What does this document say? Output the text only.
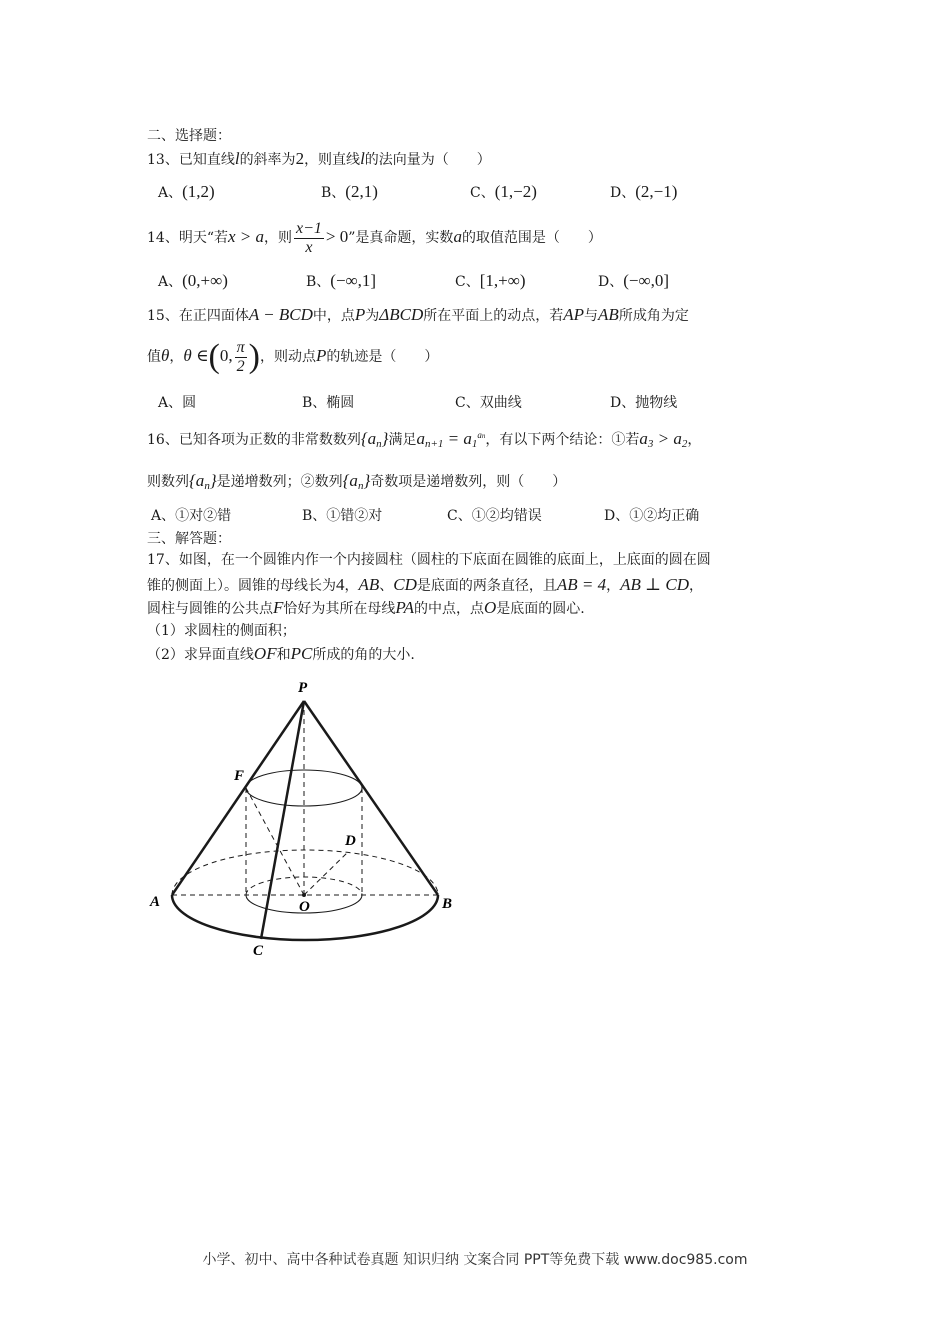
二、选择题：
13、已知直线l的斜率为2，则直线l的法向量为（　　）
A、(1,2)	B、(2,1)	C、(1,−2)	D、(2,−1)
14、明天“若x > a，则 $\frac{x-1}{x} > 0$”是真命题，实数a的取值范围是（　　）
A、(0,+∞)	B、(−∞,1]	C、[1,+∞)	D、(−∞,0]
15、在正四面体A − BCD中，点P为ΔBCD所在平面上的动点，若AP与AB所成角为定
值θ，θ ∈(0, $\frac{\pi}{2}$ )，则动点P的轨迹是（　　）
A、圆	B、椭圆	C、双曲线	D、抛物线
16、已知各项为正数的非常数数列$\{a_n\}$满足$a_{n+1} = a_1^{an}$，有以下两个结论：①若$a_3 > a_2$，
则数列$\{a_n\}$是递增数列；②数列$\{a_n\}$奇数项是递增数列，则（　　）
A、①对②错	B、①错②对	C、①②均错误	D、①②均正确
三、解答题：
17、如图，在一个圆锥内作一个内接圆柱（圆柱的下底面在圆锥的底面上，上底面的圆在圆
锥的侧面上）。圆锥的母线长为4，AB、CD是底面的两条直径，且AB = 4，AB ⊥ CD，
圆柱与圆锥的公共点F恰好为其所在母线PA的中点，点O是底面的圆心.
（1）求圆柱的侧面积；
（2）求异面直线OF和PC所成的角的大小.
P
F
D
A	O	B
C
小学、初中、高中各种试卷真题 知识归纳 文案合同 PPT等免费下载 www.doc985.com
